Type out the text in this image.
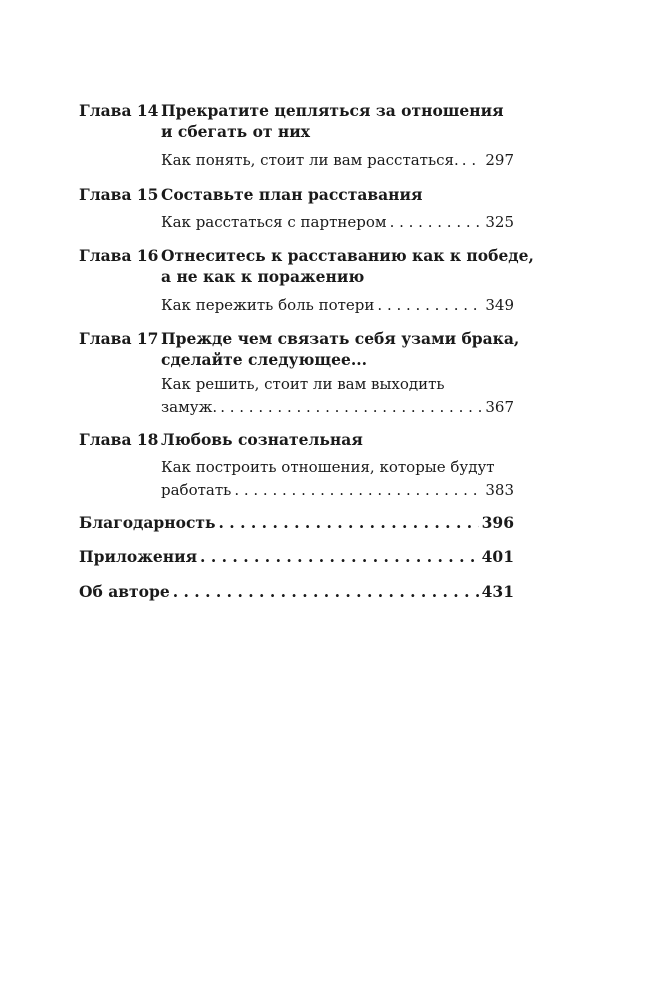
Глава 14 Прекратите цепляться за отношения
и сбегать от них
Как понять, стоит ли вам расстаться. . . . 297
Глава 15 Составьте план расставания
Как расстаться с партнером . . .	325
Глава 16 Отнеситесь к расставанию как к победе,
а не как к поражению
Как пережить боль потери . . .	349
Глава 17 Прежде чем связать себя узами брака,
сделайте следующее...
Как решить, стоит ли вам выходить
замуж. . . .	367
Глава 18 Любовь сознательная
Как построить отношения, которые будут
работать . . .	383
Благодарность . . .	396
Приложения . . .	401
Об авторе . . .	431
